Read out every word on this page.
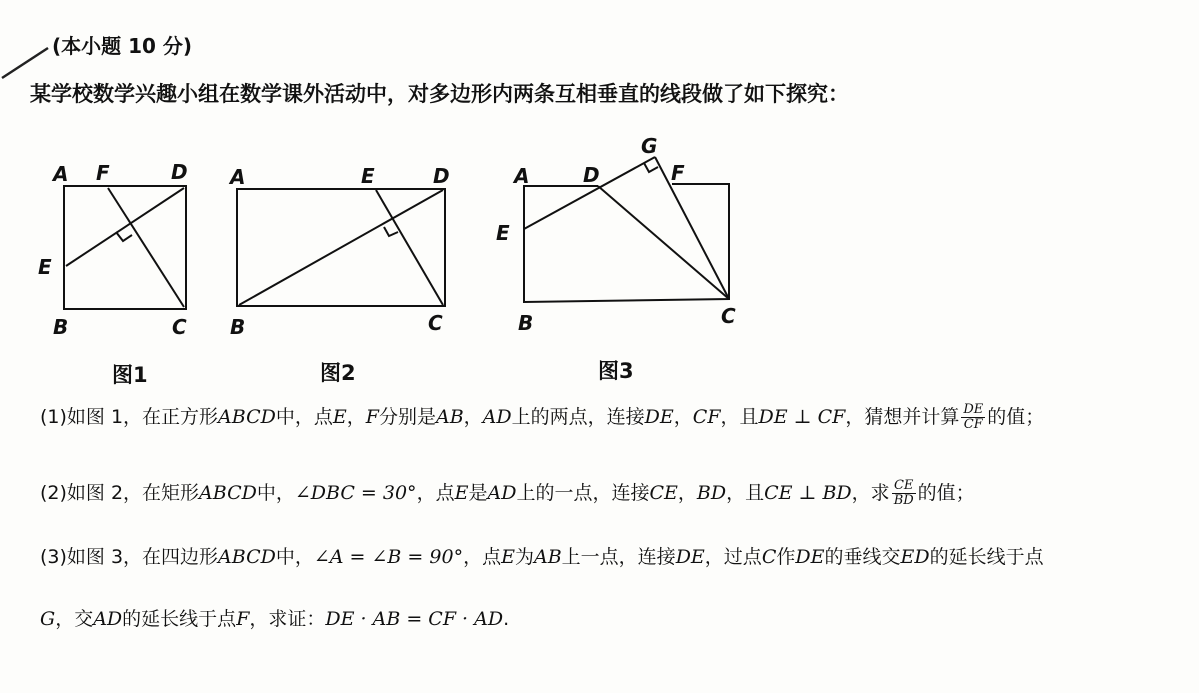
(本小题 10 分)
某学校数学兴趣小组在数学课外活动中，对多边形内两条互相垂直的线段做了如下探究：
A F	D
E
B	C
图1
A	E	D
B	C
图2
G
A	D	F
E
B	C
图3
(1)如图 1，在正方形ABCD中，点E，F分别是AB，AD上的两点，连接DE，CF，且DE ⊥ CF，猜想并计算 $\frac{DE}{CF}$ 的值；
(2)如图 2，在矩形ABCD中，∠DBC = 30°，点E是AD上的一点，连接CE，BD，且CE ⊥ BD，求 $\frac{CE}{BD}$ 的值；
(3)如图 3，在四边形ABCD中，∠A = ∠B = 90°，点E为AB上一点，连接DE，过点C作DE的垂线交ED的延长线于点
G，交AD的延长线于点F，求证：DE · AB = CF · AD.
